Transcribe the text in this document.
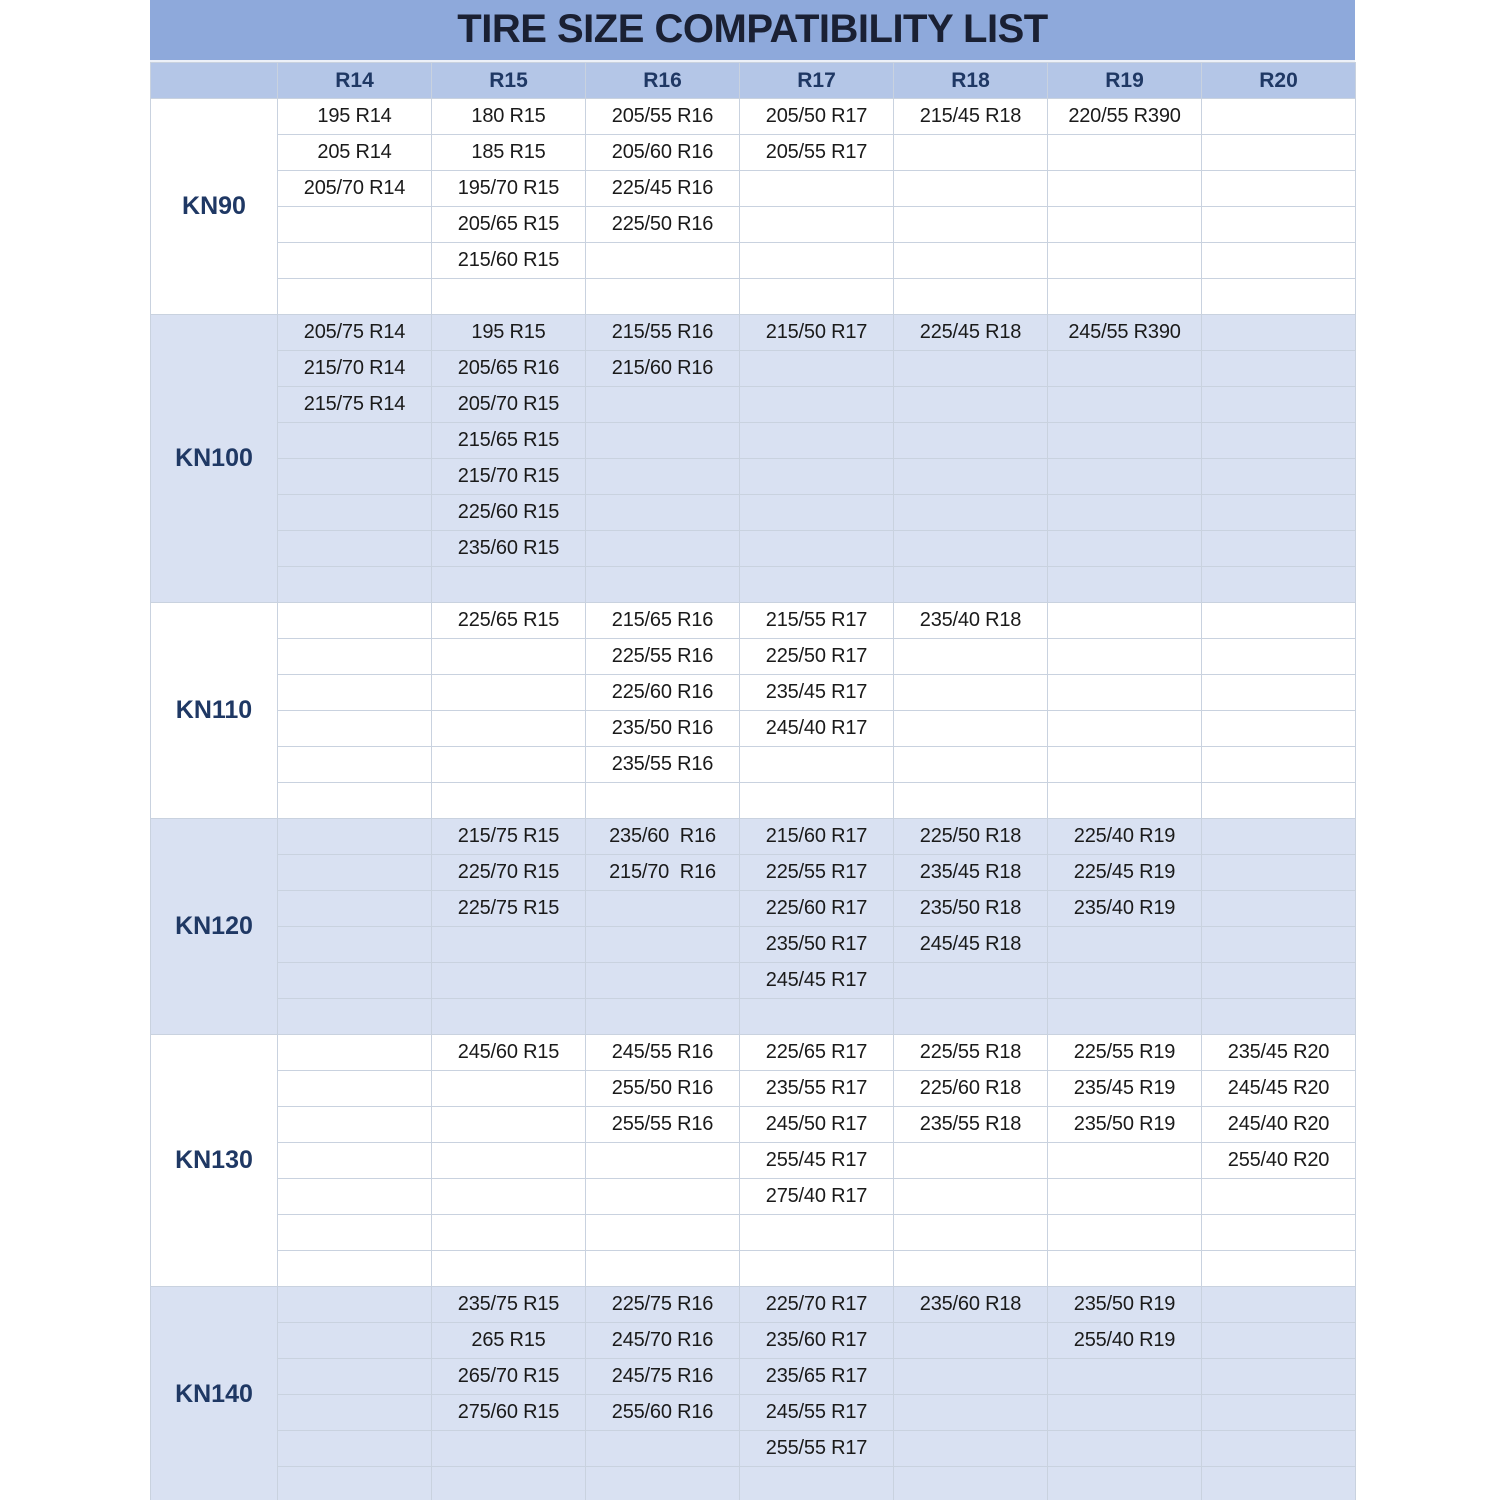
TIRE SIZE COMPATIBILITY LIST
	R14	R15	R16	R17	R18	R19	R20
KN90	195 R14	180 R15	205/55 R16	205/50 R17	215/45 R18	220/55 R390	
	205 R14	185 R15	205/60 R16	205/55 R17			
	205/70 R14	195/70 R15	225/45 R16				
		205/65 R15	225/50 R16				
		215/60 R15					

KN100	205/75 R14	195 R15	215/55 R16	215/50 R17	225/45 R18	245/55 R390	
	215/70 R14	205/65 R16	215/60 R16				
	215/75 R14	205/70 R15					
		215/65 R15					
		215/70 R15					
		225/60 R15					
		235/60 R15					

KN110		225/65 R15	215/65 R16	215/55 R17	235/40 R18		
			225/55 R16	225/50 R17			
			225/60 R16	235/45 R17			
			235/50 R16	245/40 R17			
			235/55 R16				

KN120		215/75 R15	235/60  R16	215/60 R17	225/50 R18	225/40 R19	
		225/70 R15	215/70  R16	225/55 R17	235/45 R18	225/45 R19	
		225/75 R15		225/60 R17	235/50 R18	235/40 R19	
				235/50 R17	245/45 R18		
				245/45 R17			

KN130		245/60 R15	245/55 R16	225/65 R17	225/55 R18	225/55 R19	235/45 R20
			255/50 R16	235/55 R17	225/60 R18	235/45 R19	245/45 R20
			255/55 R16	245/50 R17	235/55 R18	235/50 R19	245/40 R20
				255/45 R17			255/40 R20
				275/40 R17			

KN140		235/75 R15	225/75 R16	225/70 R17	235/60 R18	235/50 R19	
		265 R15	245/70 R16	235/60 R17		255/40 R19	
		265/70 R15	245/75 R16	235/65 R17			
		275/60 R15	255/60 R16	245/55 R17			
				255/55 R17			
